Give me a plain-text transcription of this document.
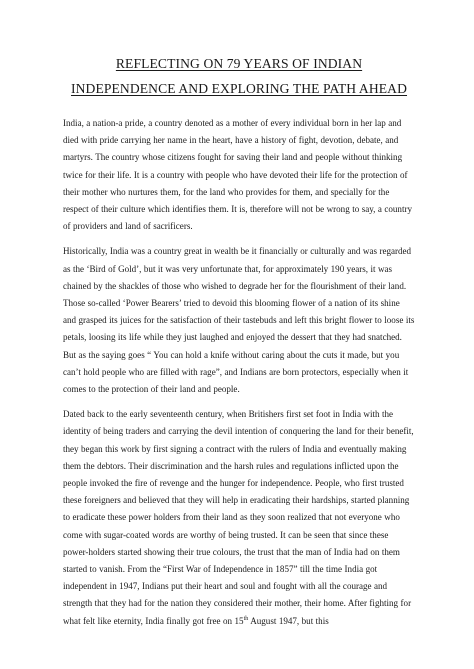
REFLECTING ON 79 YEARS OF INDIAN
INDEPENDENCE AND EXPLORING THE PATH AHEAD

India, a nation-a pride, a country denoted as a mother of every individual born in her lap and died with pride carrying her name in the heart, have a history of fight, devotion, debate, and martyrs. The country whose citizens fought for saving their land and people without thinking twice for their life. It is a country with people who have devoted their life for the protection of their mother who nurtures them, for the land who provides for them, and specially for the respect of their culture which identifies them. It is, therefore will not be wrong to say, a country of providers and land of sacrificers.

Historically, India was a country great in wealth be it financially or culturally and was regarded as the ‘Bird of Gold’, but it was very unfortunate that, for approximately 190 years, it was chained by the shackles of those who wished to degrade her for the flourishment of their land. Those so-called ‘Power Bearers’ tried to devoid this blooming flower of a nation of its shine and grasped its juices for the satisfaction of their tastebuds and left this bright flower to loose its petals, loosing its life while they just laughed and enjoyed the dessert that they had snatched. But as the saying goes “ You can hold a knife without caring about the cuts it made, but you can’t hold people who are filled with rage”, and Indians are born protectors, especially when it comes to the protection of their land and people.

Dated back to the early seventeenth century, when Britishers first set foot in India with the identity of being traders and carrying the devil intention of conquering the land for their benefit, they began this work by first signing a contract with the rulers of India and eventually making them the debtors. Their discrimination and the harsh rules and regulations inflicted upon the people invoked the fire of revenge and the hunger for independence. People, who first trusted these foreigners and believed that they will help in eradicating their hardships, started planning to eradicate these power holders from their land as they soon realized that not everyone who come with sugar-coated words are worthy of being trusted. It can be seen that since these power-holders started showing their true colours, the trust that the man of India had on them started to vanish. From the “First War of Independence in 1857” till the time India got independent in 1947, Indians put their heart and soul and fought with all the courage and strength that they had for the nation they considered their mother, their home. After fighting for what felt like eternity, India finally got free on 15th August 1947, but this
